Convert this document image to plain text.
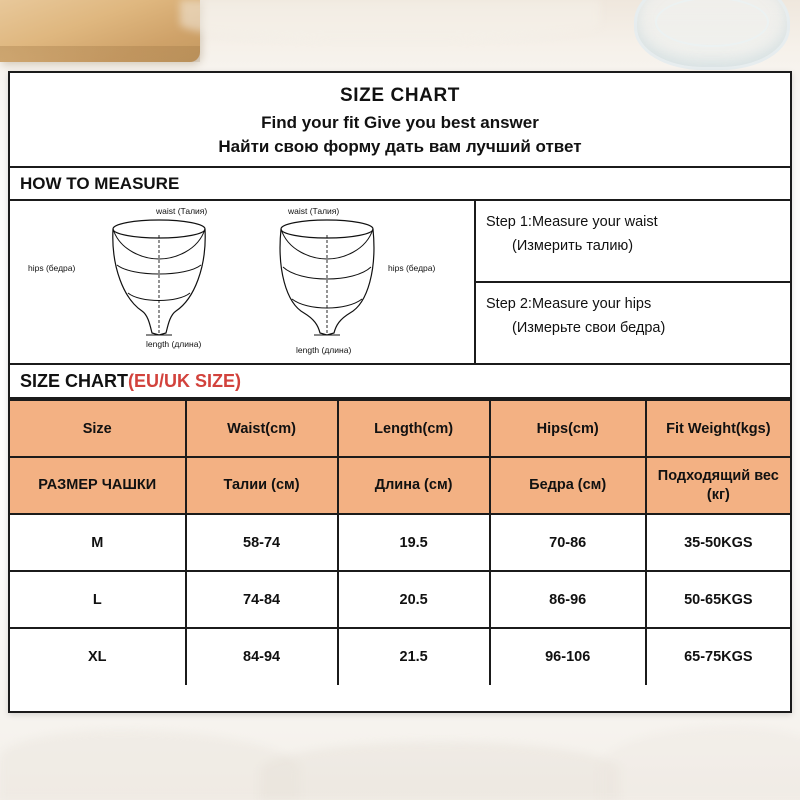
SIZE CHART
Find your fit Give you best answer
Найти свою форму дать вам лучший ответ
HOW TO MEASURE
waist (Талия)
hips (бедра)
length (длина)
waist (Талия)
hips (бедра)
length (длина)
Step 1:Measure your waist
(Измерить талию)
Step 2:Measure your hips
(Измерьте свои бедра)
SIZE CHART(EU/UK SIZE)
Size	Waist(cm)	Length(cm)	Hips(cm)	Fit Weight(kgs)
РАЗМЕР ЧАШКИ	Талии (см)	Длина (см)	Бедра (см)	Подходящий вес (кг)
M	58-74	19.5	70-86	35-50KGS
L	74-84	20.5	86-96	50-65KGS
XL	84-94	21.5	96-106	65-75KGS
